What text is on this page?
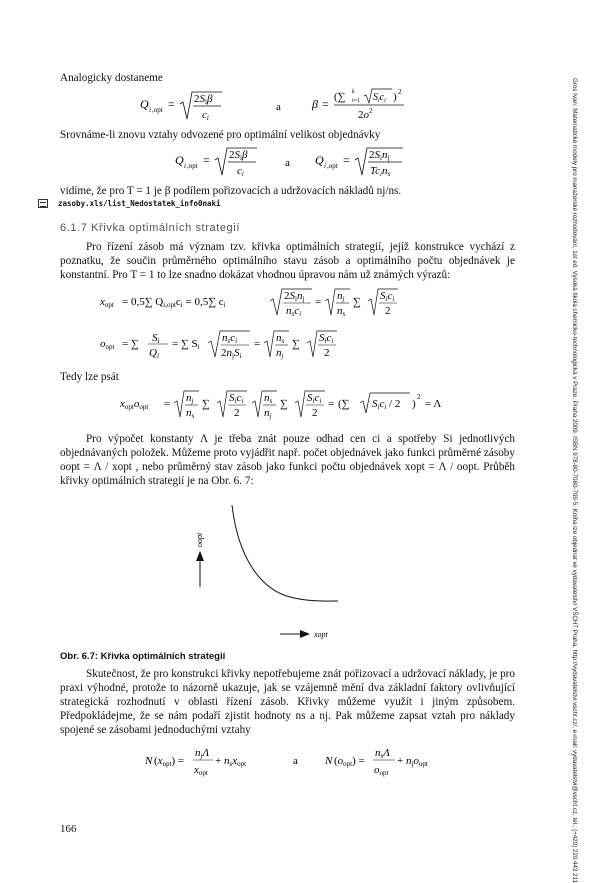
Gros Ivan: Matematické modely pro manažerské rozhodování, 1st ed. Vysoká škola chemicko-technologická v Praze, Praha 2009. ISBN 978-80-7080-709-5. Kniha lze objednat ve vydavatelství VŠCHT Praha, http://vydavatelstvi.vscht.cz/, e-mail: vydavatelstvi@vscht.cz, tel.: (+420) 220 443 211
Analogicky dostaneme
Q i ,opt = 2Siβ
ci
a	β = (∑ i=1
k $S_ic_i$ ) 2
$2o^2$
Srovnáme-li znovu vztahy odvozené pro optimální velikost objednávky
Q i ,opt = 2Siβ
ci
a Q i ,opt = 2Sinj
Tcins
vidíme, že pro T = 1 je β podílem pořizovacích a udržovacích nákladů nj/ns.
zasoby.xls/list_Nedostatek_info0naki
6.1.7 Křivka optimálních strategií
Pro řízení zásob má význam tzv. křivka optimálních strategií, jejíž konstrukce vychází z poznatku, že součin průměrného optimálního stavu zásob a optimálního počtu objednávek je konstantní. Pro T = 1 to lze snadno dokázat vhodnou úpravou nám už známých výrazů:
xopt = 0,5∑ Qi,optci = 0,5∑ ci
2Sinj
nsci
= nj
ns
∑ Sici
2
oopt = ∑ Si
Qi
= ∑ Si
nsci
2njSi
= ns
nj
∑ Sici
2
Tedy lze psát
xoptoopt = nj
ns
∑ Sici
2
ns
nj
∑ Sici
2
= (∑ Sici / 2 )
2
= Λ
Pro výpočet konstanty Λ je třeba znát pouze odhad cen ci a spotřeby Si jednotlivých objednávaných položek. Můžeme proto vyjádřit např. počet objednávek jako funkci průměrné zásoby oopt = Λ / xopt , nebo průměrný stav zásob jako funkci počtu objednávek xopt = Λ / oopt. Průběh křivky optimálních strategií je na Obr. 6. 7:
oopt
xopt
Obr. 6.7: Křivka optimálních strategií
Skutečnost, že pro konstrukci křivky nepotřebujeme znát pořizovací a udržovací náklady, je pro praxi výhodné, protože to názorně ukazuje, jak se vzájemně mění dva základní faktory ovlivňující strategická rozhodnutí v oblasti řízení zásob. Křivky můžeme využít i jiným způsobem. Předpokládejme, že se nám podaří zjistit hodnoty ns a nj. Pak můžeme zapsat vztah pro náklady spojené se zásobami jednoduchými vztahy
N (xopt) =
njΛ
xopt
+ nsxopt	a N (oopt) =
nsΛ
oopt
+ njoopt
166
